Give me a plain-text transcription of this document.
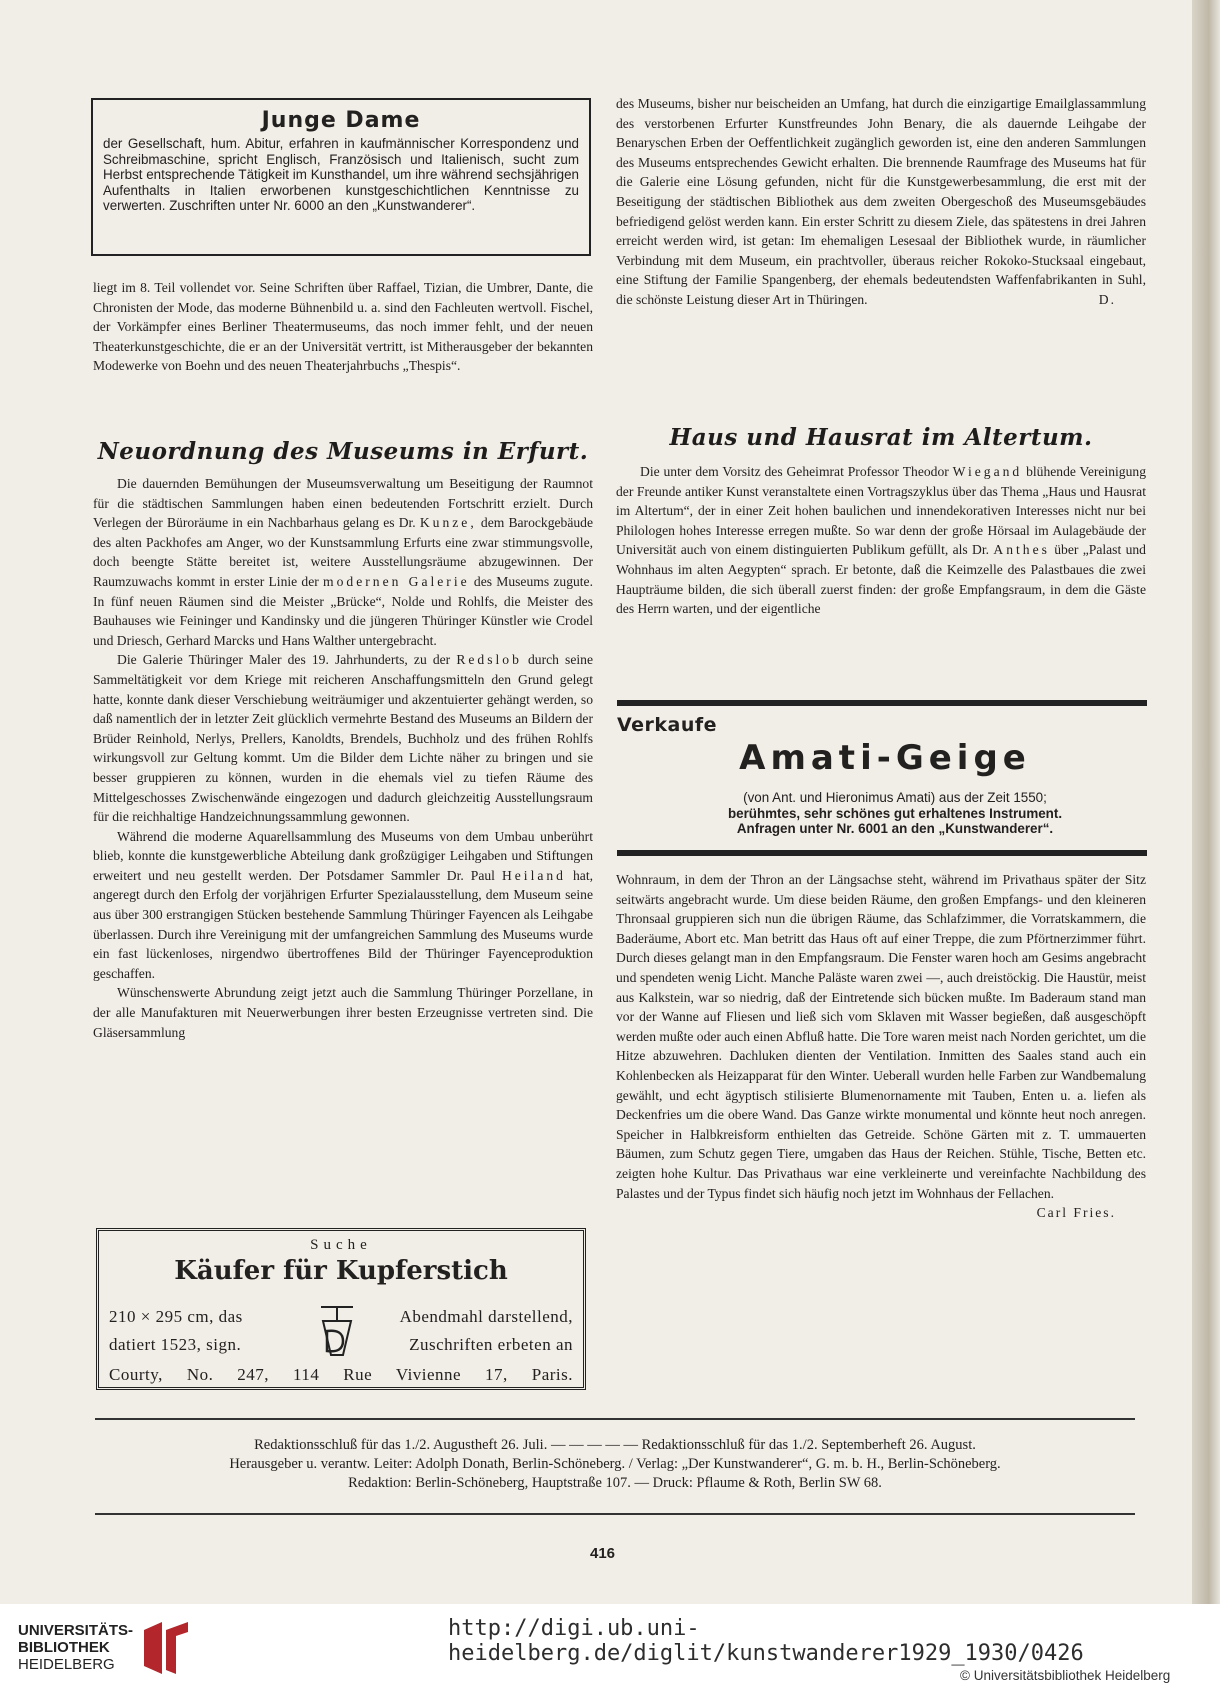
Junge Dame
der Gesellschaft, hum. Abitur, erfahren in kaufmännischer Korrespondenz und Schreibmaschine, spricht Englisch, Französisch und Italienisch, sucht zum Herbst entsprechende Tätigkeit im Kunsthandel, um ihre während sechsjährigen Aufenthalts in Italien erworbenen kunstgeschichtlichen Kenntnisse zu verwerten. Zuschriften unter Nr. 6000 an den „Kunstwanderer“.

liegt im 8. Teil vollendet vor. Seine Schriften über Raffael, Tizian, die Umbrer, Dante, die Chronisten der Mode, das moderne Bühnenbild u. a. sind den Fachleuten wertvoll. Fischel, der Vorkämpfer eines Berliner Theatermuseums, das noch immer fehlt, und der neuen Theaterkunstgeschichte, die er an der Universität vertritt, ist Mitherausgeber der bekannten Modewerke von Boehn und des neuen Theaterjahrbuchs „Thespis“.

Neuordnung des Museums in Erfurt.

Die dauernden Bemühungen der Museumsverwaltung um Beseitigung der Raumnot für die städtischen Sammlungen haben einen bedeutenden Fortschritt erzielt. Durch Verlegen der Büroräume in ein Nachbarhaus gelang es Dr. Kunze, dem Barockgebäude des alten Packhofes am Anger, wo der Kunstsammlung Erfurts eine zwar stimmungsvolle, doch beengte Stätte bereitet ist, weitere Ausstellungsräume abzugewinnen. Der Raumzuwachs kommt in erster Linie der modernen Galerie des Museums zugute. In fünf neuen Räumen sind die Meister „Brücke“, Nolde und Rohlfs, die Meister des Bauhauses wie Feininger und Kandinsky und die jüngeren Thüringer Künstler wie Crodel und Driesch, Gerhard Marcks und Hans Walther untergebracht.

Die Galerie Thüringer Maler des 19. Jahrhunderts, zu der Redslob durch seine Sammeltätigkeit vor dem Kriege mit reicheren Anschaffungsmitteln den Grund gelegt hatte, konnte dank dieser Verschiebung weiträumiger und akzentuierter gehängt werden, so daß namentlich der in letzter Zeit glücklich vermehrte Bestand des Museums an Bildern der Brüder Reinhold, Nerlys, Prellers, Kanoldts, Brendels, Buchholz und des frühen Rohlfs wirkungsvoll zur Geltung kommt. Um die Bilder dem Lichte näher zu bringen und sie besser gruppieren zu können, wurden in die ehemals viel zu tiefen Räume des Mittelgeschosses Zwischenwände eingezogen und dadurch gleichzeitig Ausstellungsraum für die reichhaltige Handzeichnungssammlung gewonnen.

Während die moderne Aquarellsammlung des Museums von dem Umbau unberührt blieb, konnte die kunstgewerbliche Abteilung dank großzügiger Leihgaben und Stiftungen erweitert und neu gestellt werden. Der Potsdamer Sammler Dr. Paul Heiland hat, angeregt durch den Erfolg der vorjährigen Erfurter Spezialausstellung, dem Museum seine aus über 300 erstrangigen Stücken bestehende Sammlung Thüringer Fayencen als Leihgabe überlassen. Durch ihre Vereinigung mit der umfangreichen Sammlung des Museums wurde ein fast lückenloses, nirgendwo übertroffenes Bild der Thüringer Fayenceproduktion geschaffen.

Wünschenswerte Abrundung zeigt jetzt auch die Sammlung Thüringer Porzellane, in der alle Manufakturen mit Neuerwerbungen ihrer besten Erzeugnisse vertreten sind. Die Gläsersammlung

Suche
Käufer für Kupferstich
210 × 295 cm, das	Abendmahl darstellend,
datiert 1523, sign.	Zuschriften erbeten an
Courty, No. 247, 114 Rue Vivienne 17, Paris.

des Museums, bisher nur beischeiden an Umfang, hat durch die einzigartige Emailglassammlung des verstorbenen Erfurter Kunstfreundes John Benary, die als dauernde Leihgabe der Benaryschen Erben der Oeffentlichkeit zugänglich geworden ist, eine den anderen Sammlungen des Museums entsprechendes Gewicht erhalten. Die brennende Raumfrage des Museums hat für die Galerie eine Lösung gefunden, nicht für die Kunstgewerbesammlung, die erst mit der Beseitigung der städtischen Bibliothek aus dem zweiten Obergeschoß des Museumsgebäudes befriedigend gelöst werden kann. Ein erster Schritt zu diesem Ziele, das spätestens in drei Jahren erreicht werden wird, ist getan: Im ehemaligen Lesesaal der Bibliothek wurde, in räumlicher Verbindung mit dem Museum, ein prachtvoller, überaus reicher Rokoko-Stucksaal eingebaut, eine Stiftung der Familie Spangenberg, der ehemals bedeutendsten Waffenfabrikanten in Suhl, die schönste Leistung dieser Art in Thüringen.	D.
Haus und Hausrat im Altertum.

Die unter dem Vorsitz des Geheimrat Professor Theodor Wiegand blühende Vereinigung der Freunde antiker Kunst veranstaltete einen Vortragszyklus über das Thema „Haus und Hausrat im Altertum“, der in einer Zeit hohen baulichen und innendekorativen Interesses nicht nur bei Philologen hohes Interesse erregen mußte. So war denn der große Hörsaal im Aulagebäude der Universität auch von einem distinguierten Publikum gefüllt, als Dr. Anthes über „Palast und Wohnhaus im alten Aegypten“ sprach. Er betonte, daß die Keimzelle des Palastbaues die zwei Haupträume bilden, die sich überall zuerst finden: der große Empfangsraum, in dem die Gäste des Herrn warten, und der eigentliche

Verkaufe
Amati-Geige
(von Ant. und Hieronimus Amati) aus der Zeit 1550;
berühmtes, sehr schönes gut erhaltenes Instrument.
Anfragen unter Nr. 6001 an den „Kunstwanderer“.

Wohnraum, in dem der Thron an der Längsachse steht, während im Privathaus später der Sitz seitwärts angebracht wurde. Um diese beiden Räume, den großen Empfangs- und den kleineren Thronsaal gruppieren sich nun die übrigen Räume, das Schlafzimmer, die Vorratskammern, die Baderäume, Abort etc. Man betritt das Haus oft auf einer Treppe, die zum Pförtnerzimmer führt. Durch dieses gelangt man in den Empfangsraum. Die Fenster waren hoch am Gesims angebracht und spendeten wenig Licht. Manche Paläste waren zwei —, auch dreistöckig. Die Haustür, meist aus Kalkstein, war so niedrig, daß der Eintretende sich bücken mußte. Im Baderaum stand man vor der Wanne auf Fliesen und ließ sich vom Sklaven mit Wasser begießen, daß ausgeschöpft werden mußte oder auch einen Abfluß hatte. Die Tore waren meist nach Norden gerichtet, um die Hitze abzuwehren. Dachluken dienten der Ventilation. Inmitten des Saales stand auch ein Kohlenbecken als Heizapparat für den Winter. Ueberall wurden helle Farben zur Wandbemalung gewählt, und echt ägyptisch stilisierte Blumenornamente mit Tauben, Enten u. a. liefen als Deckenfries um die obere Wand. Das Ganze wirkte monumental und könnte heut noch anregen. Speicher in Halbkreisform enthielten das Getreide. Schöne Gärten mit z. T. ummauerten Bäumen, zum Schutz gegen Tiere, umgaben das Haus der Reichen. Stühle, Tische, Betten etc. zeigten hohe Kultur. Das Privathaus war eine verkleinerte und vereinfachte Nachbildung des Palastes und der Typus findet sich häufig noch jetzt im Wohnhaus der Fellachen.

Carl Fries.
Redaktionsschluß für das 1./2. Augustheft 26. Juli. — — — — — Redaktionsschluß für das 1./2. Septemberheft 26. August.
Herausgeber u. verantw. Leiter: Adolph Donath, Berlin-Schöneberg. / Verlag: „Der Kunstwanderer“, G. m. b. H., Berlin-Schöneberg.
Redaktion: Berlin-Schöneberg, Hauptstraße 107. — Druck: Pflaume & Roth, Berlin SW 68.
416
UNIVERSITÄTS-
BIBLIOTHEK
HEIDELBERG
http://digi.ub.uni-heidelberg.de/diglit/kunstwanderer1929_1930/0426
© Universitätsbibliothek Heidelberg
